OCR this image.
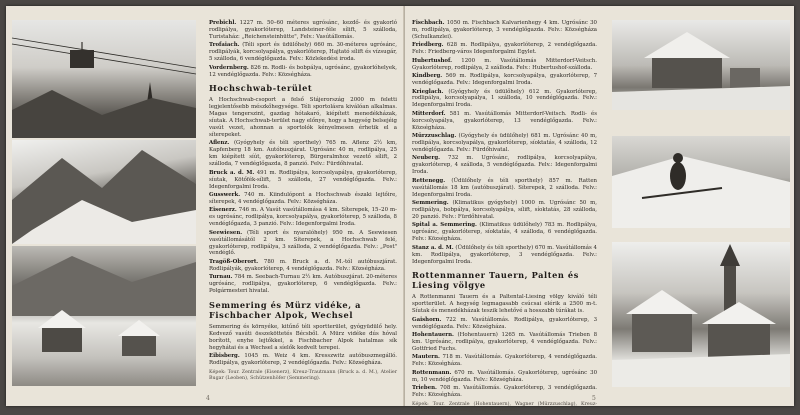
Prebichl. 1227 m. 50–60 méteres ugrósánc, kezdő- és gyakorló rodlipálya, gyakorlóterep, Landsteiner-féle sílift, 5 szálloda, Turistaház: „Reichensteinhütte", Felv.: Vasútállomás.
Trofaiach. (Téli sport és üdülőhely) 660 m. 30-méteres ugrósánc, rodlipályák, korcsolyapálya, gyakorlóterep, Hajtató sílift és vízsugár, 5 szálloda, 6 vendéglőgazda. Felv.: Közlekedési iroda.
Vordernberg. 826 m. Rodli- és bobpálya, ugrósánc, gyakorlóhelyek, 12 vendéglőgazda. Felv.: Községháza.
Hochschwab-terület
A Hochschwab-csoport a felső Stájerország 2000 m feletti legjelentősebb mészkőhegysége. Téli sportolásra kiválóan alkalmas. Magas tengerszint, gazdag hótakaró, kiépített menedékházak, síutak. A Hochschwab-terület nagy előnye, hogy a hegység belsejéig vasút vezet, ahonnan a sportolók kényelmesen érhetik el a síterepeket.
Aflenz. (Gyógyhely és téli sporthely) 765 m. Aflenz 2½ km, Kapfenberg 18 km. Autóbuszjárat. Ugrósánc 40 m, rodlipálya, 25 km kiépített síút, gyakorlóterep, Bürgeralmhoz vezető sílift, 2 szálloda, 7 vendéglőgazda, 8 panzió. Felv.: Fürdőhivatal.
Bruck a. d. M. 491 m. Rodlipálya, korcsolyapálya, gyakorlóterep, síutak, Kötőfék-sílift, 5 szálloda, 27 vendéglőgazda. Felv.: Idegenforgalmi Iroda.
Gusswerk. 740 m. Kiindulópont a Hochschwab északi lejtőire, síterepek, 4 vendéglőgazda. Felv.: Községháza.
Eisenerz. 746 m. A Vasút vasútállomása 4 km. Síterepek, 15–20 m-es ugrósánc, rodlipálya, korcsolyapálya, gyakorlóterep, 5 szálloda, 8 vendéglőgazda, 3 panzió. Felv.: Idegenforgalmi Iroda.
Seewiesen. (Téli sport és nyaralóhely) 950 m. A Seewiesen vasútállomásától 2 km. Síterepek, a Hochschwab felé, gyakorlóterep, rodlipálya, 3 szálloda, 2 vendéglőgazda. Felv.: „Post" vendéglő.
Tragöß-Oberort. 780 m. Bruck a. d. M.-tól autóbuszjárat. Rodlipályák, gyakorlóterep, 4 vendéglőgazda. Felv.: Községháza.
Turnau. 784 m. Seebach-Turnau 2½ km. Autóbuszjárat. 20-méteres ugrósánc, rodlipálya, gyakorlóterep, 6 vendéglőgazda. Felv.: Polgármesteri hivatal.
Semmering és Mürz vidéke, a Fischbacher Alpok, Wechsel
Semmering és környéke, kitűnő téli sportterület, gyógyüdülő hely. Kedvező vasúti összeköttetés Bécsből. A Mürz vidéke dús hóval borított, enyhe lejtőkkel, a Fischbacher Alpok hatalmas sík hegyhátai és a Wechsel a síelők kedvelt terepei.
Eibisberg. 1045 m. Weiz 4 km. Kresszwitz autóbuszmegálló. Rodlipálya, gyakorlóterep, 2 vendéglőgazda. Felv.: Községháza.
Képek: Tour. Zentrale (Eisenerz), Kreuz-Trautmann (Bruck a. d. M.), Atelier Bugar (Leoben), Schützenhöfer (Semmering).
Fischbach. 1050 m. Fischbach Kalvarienhegy 4 km. Ugrósánc 30 m, rodlipálya, gyakorlóterep, 3 vendéglőgazda. Felv.: Községháza (Schulkanzlei).
Friedberg. 628 m. Rodlipálya, gyakorlóterep, 2 vendéglőgazda. Felv.: Friedberg-város Idegenforgalmi Egylet.
Hubertushof. 1200 m. Vasútállomás Mitterdorf-Veitsch. Gyakorlóterep, rodlipálya, 2 szálloda. Felv.: Hubertushof-szálloda.
Kindberg. 569 m. Rodlipálya, korcsolyapálya, gyakorlóterep, 7 vendéglőgazda. Felv.: Idegenforgalmi Iroda.
Krieglach. (Gyógyhely és üdülőhely) 612 m. Gyakorlóterep, rodlipálya, korcsolyapálya, 1 szálloda, 10 vendéglőgazda. Felv.: Idegenforgalmi Iroda.
Mitterdorf. 581 m. Vasútállomás Mitterdorf-Veitsch. Rodli- és korcsolyapálya, gyakorlóterep, 13 vendéglőgazda. Felv.: Községháza.
Mürzzuschlag. (Gyógyhely és üdülőhely) 681 m. Ugrósánc 40 m, rodlipálya, korcsolyapálya, gyakorlóterep, síoktatás, 4 szálloda, 12 vendéglőgazda. Felv.: Fürdőhivatal.
Neuberg. 732 m. Ugrósánc, rodlipálya, korcsolyapálya, gyakorlóterep, 4 szálloda, 5 vendéglőgazda. Felv.: Idegenforgalmi Iroda.
Rettenegg. (Üdülőhely és téli sporthely) 857 m. Ratten vasútállomás 18 km (autóbuszjárat). Síterepek, 2 szálloda. Felv.: Idegenforgalmi Iroda.
Semmering. (Klimatikus gyógyhely) 1000 m. Ugrósánc 50 m, rodlipálya, bobpálya, korcsolyapálya, sílift, síoktatás, 28 szálloda, 20 panzió. Felv.: Fürdőhivatal.
Spital a. Semmering. (Klimatikus üdülőhely) 783 m. Rodlipálya, ugrósánc, gyakorlóterep, síoktatás, 4 szálloda, 6 vendéglőgazda. Felv.: Községháza.
Stanz a. d. M. (Üdülőhely és téli sporthely) 670 m. Vasútállomás 4 km. Rodlipálya, gyakorlóterep, 3 vendéglőgazda. Felv.: Idegenforgalmi Iroda.
Rottenmanner Tauern, Palten és Liesing völgye
A Rottenmanni Tauern és a Paltental-Liesing völgy kiváló téli sportterület. A hegység legmagasabb csúcsai elérik a 2500 m-t. Síutak és menedékházak teszik lehetővé a hosszabb túrákat is.
Gaishorn. 722 m. Vasútállomás. Rodlipálya, gyakorlóterep, 3 vendéglőgazda. Felv.: Községháza.
Hohentauern. (Hohentauern) 1265 m. Vasútállomás Trieben 8 km. Ugrósánc, rodlipálya, gyakorlóterep, 4 vendéglőgazda. Felv.: Gottfried Fuchs.
Mautern. 718 m. Vasútállomás. Gyakorlóterep, 4 vendéglőgazda. Felv.: Községháza.
Rottenmann. 670 m. Vasútállomás. Gyakorlóterep, ugrósánc 30 m, 10 vendéglőgazda. Felv.: Községháza.
Trieben. 708 m. Vasútállomás. Gyakorlóterep, 3 vendéglőgazda. Felv.: Községháza.
Képek: Tour. Zentrale (Hohentauern), Wagner (Mürzzuschlag), Kreuz-Trautmann (Semmering), Leitner (Trieben).
4	5
